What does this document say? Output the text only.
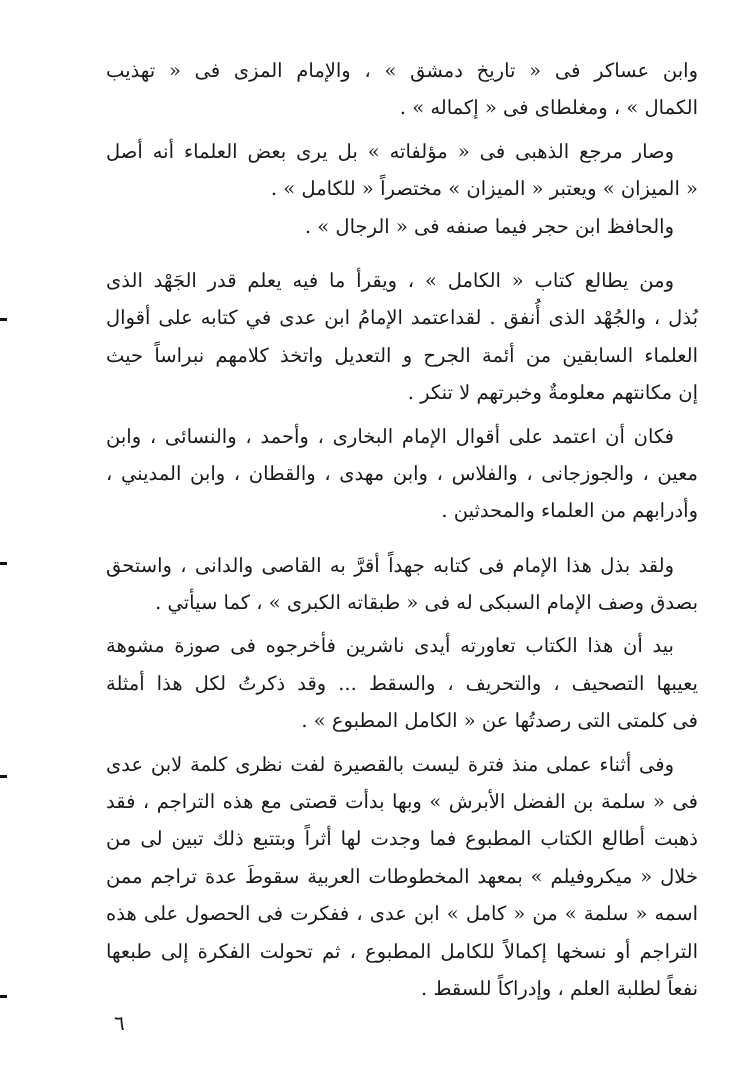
وابن عساكر فى « تاريخ دمشق » ، والإمام المزى فى « تهذيب
الكمال » ، ومغلطاى فى « إكماله » .
وصار مرجع الذهبى فى « مؤلفاته » بل يرى بعض العلماء أنه أصل
« الميزان » ويعتبر « الميزان » مختصراً « للكامل » .
والحافظ ابن حجر فيما صنفه فى « الرجال » .
ومن يطالع كتاب « الكامل » ، ويقرأ ما فيه يعلم قدر الجَهْد الذى
بُذل ، والجُهْد الذى أُنفق . لقداعتمد الإمامُ ابن عدى في كتابه على أقوال
العلماء السابقين من أئمة الجرح و التعديل واتخذ كلامهم نبراساً حيث
إن مكانتهم معلومةٌ وخبرتهم لا تنكر .
فكان أن اعتمد على أقوال الإمام البخارى ، وأحمد ، والنسائى ، وابن
معين ، والجوزجانى ، والفلاس ، وابن مهدى ، والقطان ، وابن المديني ،
وأدرابهم من العلماء والمحدثين .
ولقد بذل هذا الإمام فى كتابه جهداً أقرَّ به القاصى والدانى ، واستحق
بصدق وصف الإمام السبكى له فى « طبقاته الكبرى » ، كما سيأتي .
بيد أن هذا الكتاب تعاورته أيدى ناشرين فأخرجوه فى صوزة مشوهة
يعيبها التصحيف ، والتحريف ، والسقط ... وقد ذكرتُ لكل هذا أمثلة
فى كلمتى التى رصدتُها عن « الكامل المطبوع » .
وفى أثناء عملى منذ فترة ليست بالقصيرة لفت نظرى كلمة لابن عدى
فى « سلمة بن الفضل الأبرش » وبها بدأت قصتى مع هذه التراجم ، فقد
ذهبت أطالع الكتاب المطبوع فما وجدت لها أثراً وبتتبع ذلك تبين لى من
خلال « ميكروفيلم » بمعهد المخطوطات العربية سقوطَ عدة تراجم ممن
اسمه « سلمة » من « كامل » ابن عدى ، ففكرت فى الحصول على هذه
التراجم أو نسخها إكمالاً للكامل المطبوع ، ثم تحولت الفكرة إلى طبعها
نفعاً لطلبة العلم ، وإدراكاً للسقط .
٦
